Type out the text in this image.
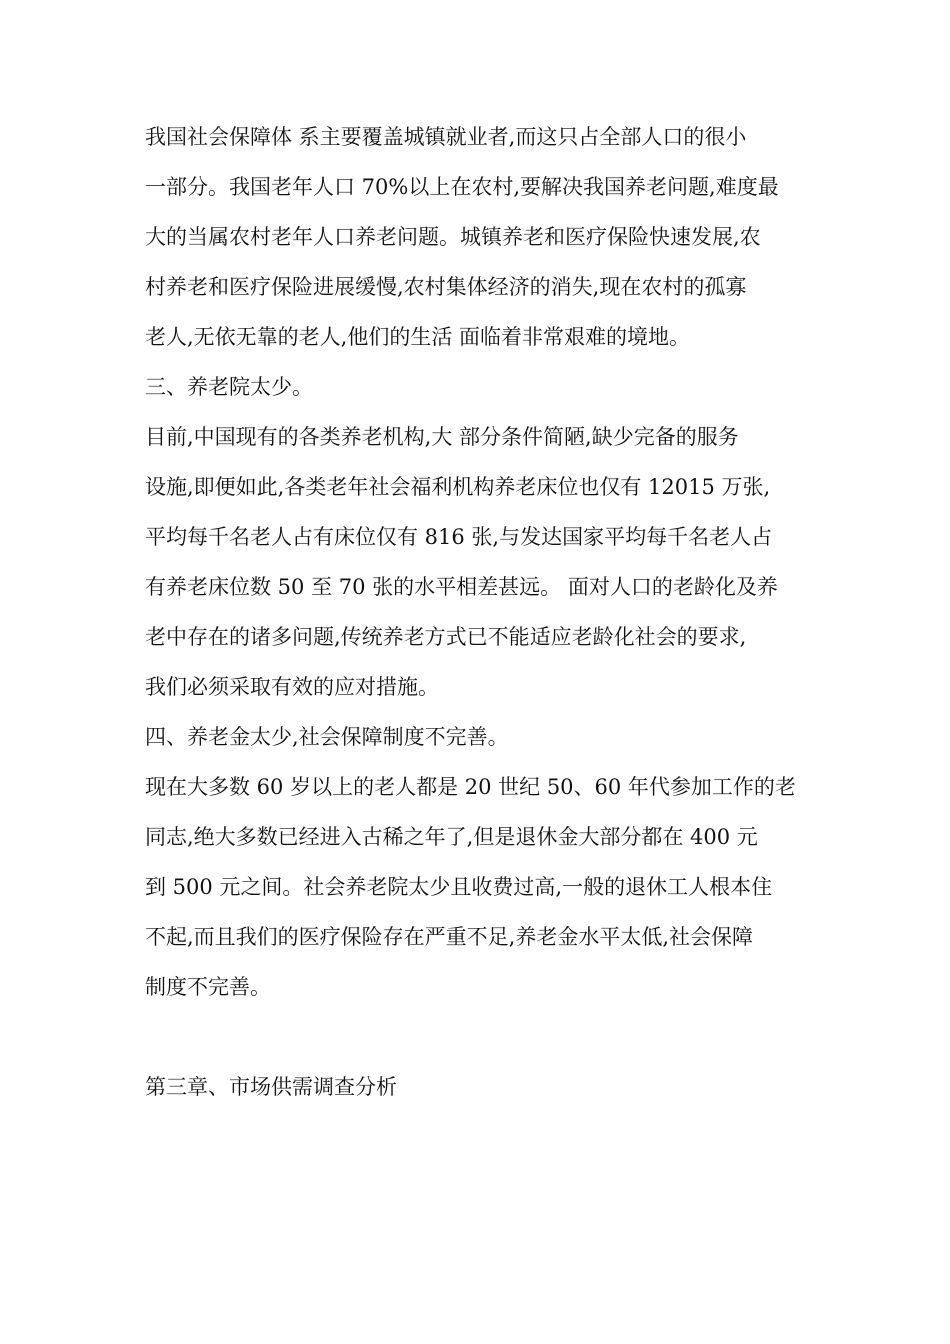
我国社会保障体 系主要覆盖城镇就业者,而这只占全部人口的很小
一部分。我国老年人口 70%以上在农村,要解决我国养老问题,难度最
大的当属农村老年人口养老问题。城镇养老和医疗保险快速发展,农
村养老和医疗保险进展缓慢,农村集体经济的消失,现在农村的孤寡
老人,无依无靠的老人,他们的生活 面临着非常艰难的境地。
三、养老院太少。
目前,中国现有的各类养老机构,大 部分条件简陋,缺少完备的服务
设施,即便如此,各类老年社会福利机构养老床位也仅有 12015 万张,
平均每千名老人占有床位仅有 816 张,与发达国家平均每千名老人占
有养老床位数 50 至 70 张的水平相差甚远。 面对人口的老龄化及养
老中存在的诸多问题,传统养老方式已不能适应老龄化社会的要求,
我们必须采取有效的应对措施。
四、养老金太少,社会保障制度不完善。
现在大多数 60 岁以上的老人都是 20 世纪 50、60 年代参加工作的老
同志,绝大多数已经进入古稀之年了,但是退休金大部分都在 400 元
到 500 元之间。社会养老院太少且收费过高,一般的退休工人根本住
不起,而且我们的医疗保险存在严重不足,养老金水平太低,社会保障
制度不完善。
第三章、市场供需调查分析
